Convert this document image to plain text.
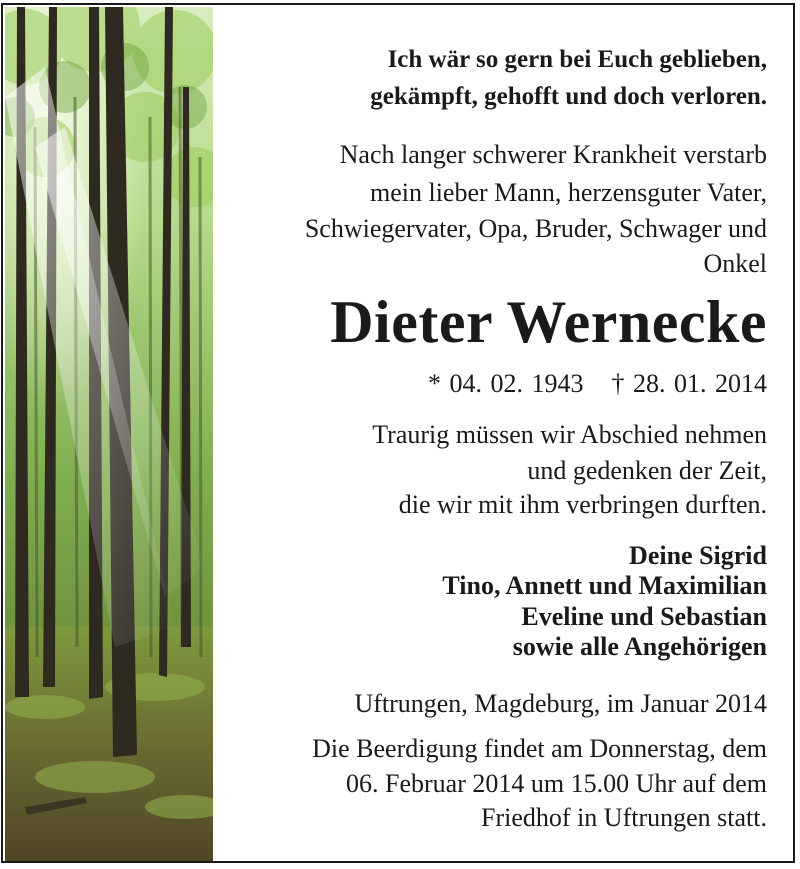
Ich wär so gern bei Euch geblieben,
gekämpft, gehofft und doch verloren.
Nach langer schwerer Krankheit verstarb
mein lieber Mann, herzensguter Vater,
Schwiegervater, Opa, Bruder, Schwager und
Onkel
Dieter Wernecke
* 04. 02. 1943 † 28. 01. 2014
Traurig müssen wir Abschied nehmen
und gedenken der Zeit,
die wir mit ihm verbringen durften.
Deine Sigrid
Tino, Annett und Maximilian
Eveline und Sebastian
sowie alle Angehörigen
Uftrungen, Magdeburg, im Januar 2014
Die Beerdigung findet am Donnerstag, dem
06. Februar 2014 um 15.00 Uhr auf dem
Friedhof in Uftrungen statt.
